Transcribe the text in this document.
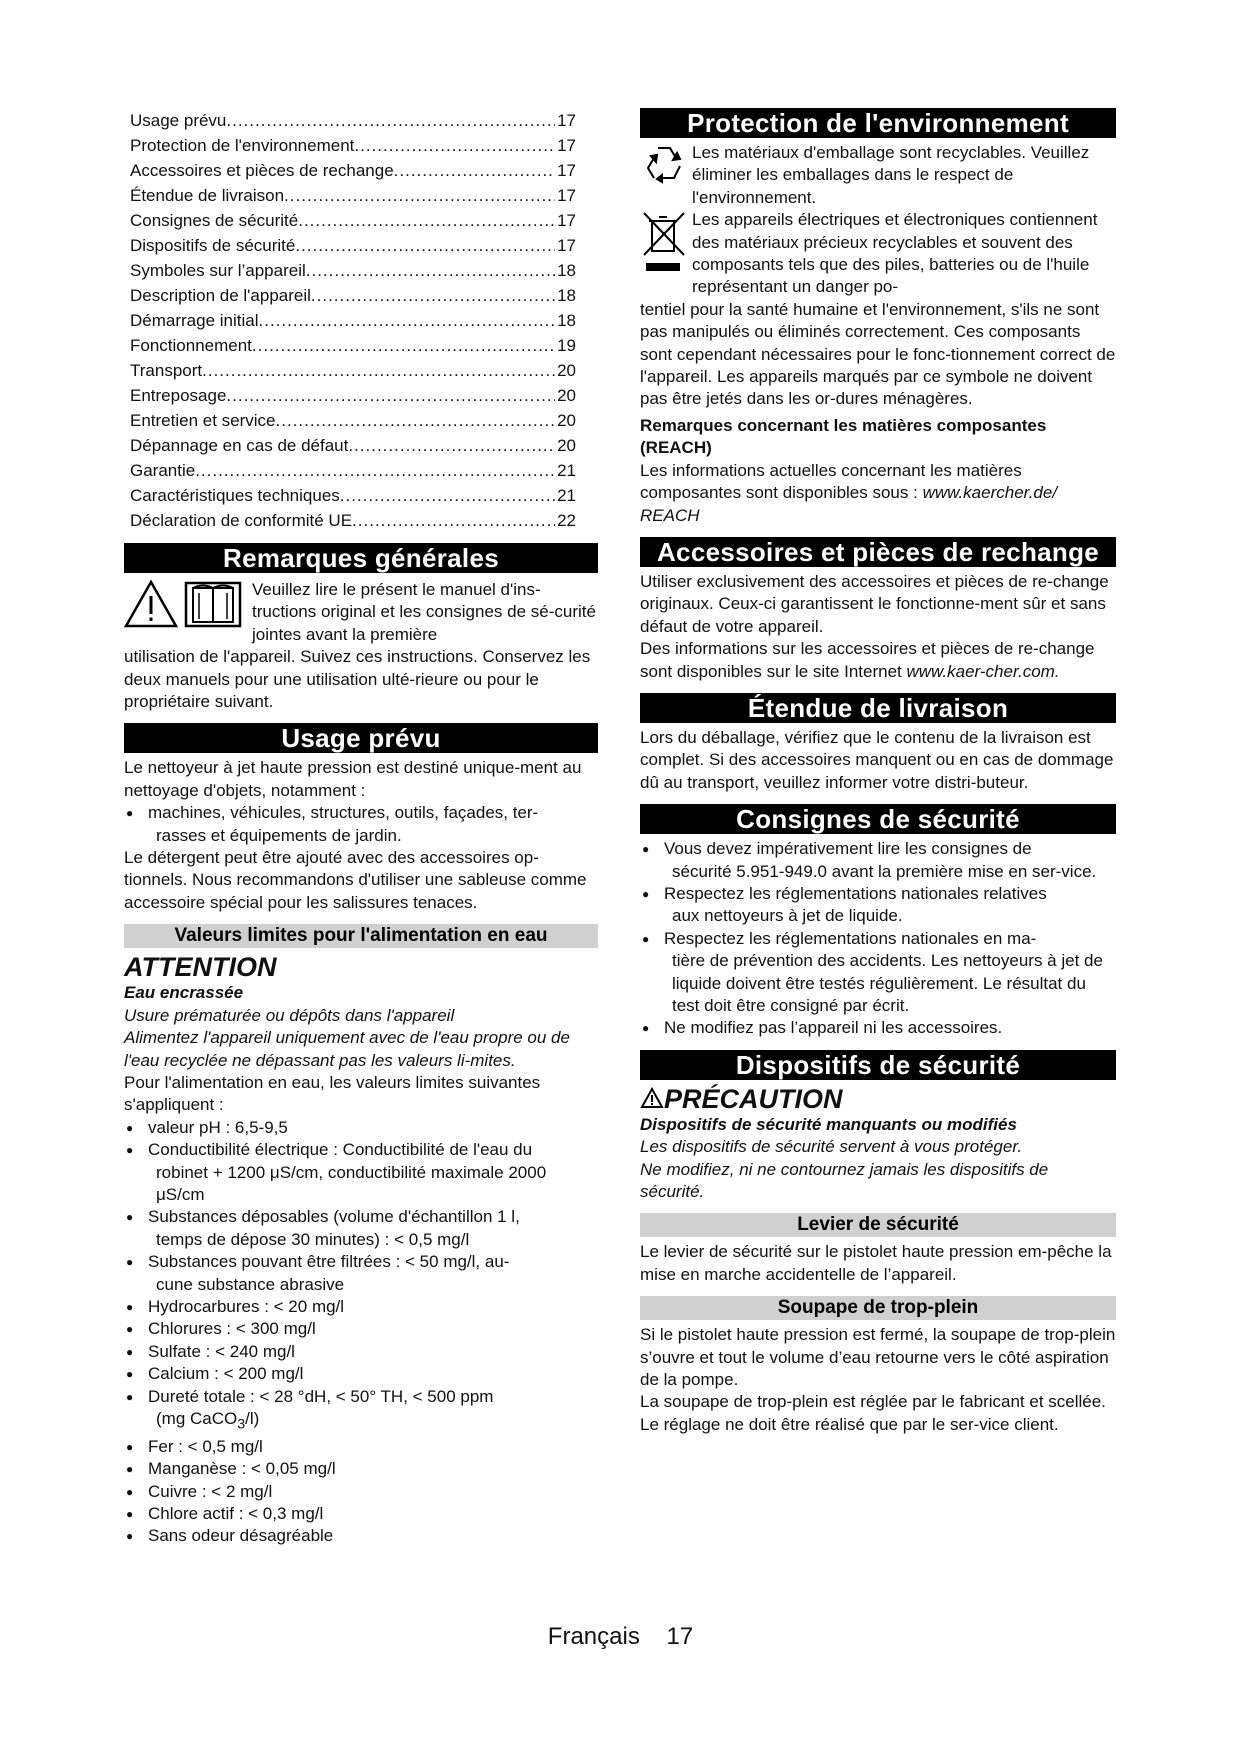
Usage prévu .....	17
Protection de l'environnement .....	17
Accessoires et pièces de rechange .....	17
Étendue de livraison .....	17
Consignes de sécurité .....	17
Dispositifs de sécurité .....	17
Symboles sur l’appareil .....	18
Description de l'appareil .....	18
Démarrage initial .....	18
Fonctionnement .....	19
Transport .....	20
Entreposage .....	20
Entretien et service .....	20
Dépannage en cas de défaut .....	20
Garantie .....	21
Caractéristiques techniques .....	21
Déclaration de conformité UE .....	22
Remarques générales

Veuillez lire le présent le manuel d'ins-tructions original et les consignes de sé-curité jointes avant la première

utilisation de l'appareil. Suivez ces instructions. Conservez les deux manuels pour une utilisation ulté-rieure ou pour le propriétaire suivant.

Usage prévu

Le nettoyeur à jet haute pression est destiné unique-ment au nettoyage d'objets, notamment :

● machines, véhicules, structures, outils, façades, ter-
rasses et équipements de jardin.

Le détergent peut être ajouté avec des accessoires op-tionnels. Nous recommandons d'utiliser une sableuse comme accessoire spécial pour les salissures tenaces.

Valeurs limites pour l'alimentation en eau
ATTENTION

Eau encrassée

Usure prématurée ou dépôts dans l'appareil

Alimentez l'appareil uniquement avec de l'eau propre ou de l'eau recyclée ne dépassant pas les valeurs li-mites.

Pour l'alimentation en eau, les valeurs limites suivantes s'appliquent :

● valeur pH : 6,5-9,5
● Conductibilité électrique : Conductibilité de l'eau du
robinet + 1200 μS/cm, conductibilité maximale 2000 μS/cm
● Substances déposables (volume d'échantillon 1 l,
temps de dépose 30 minutes) : < 0,5 mg/l
● Substances pouvant être filtrées : < 50 mg/l, au-
cune substance abrasive
● Hydrocarbures : < 20 mg/l
● Chlorures : < 300 mg/l
● Sulfate : < 240 mg/l
● Calcium : < 200 mg/l
● Dureté totale : < 28 °dH, < 50° TH, < 500 ppm
(mg CaCO$_3$/l)
● Fer : < 0,5 mg/l
● Manganèse : < 0,05 mg/l
● Cuivre : < 2 mg/l
● Chlore actif : < 0,3 mg/l
● Sans odeur désagréable
Protection de l'environnement

Les matériaux d'emballage sont recyclables. Veuillez éliminer les emballages dans le respect de l'environnement.

Les appareils électriques et électroniques contiennent des matériaux précieux recyclables et souvent des composants tels que des piles, batteries ou de l'huile représentant un danger po-

tentiel pour la santé humaine et l'environnement, s'ils ne sont pas manipulés ou éliminés correctement. Ces composants sont cependant nécessaires pour le fonc-tionnement correct de l'appareil. Les appareils marqués par ce symbole ne doivent pas être jetés dans les or-dures ménagères.

Remarques concernant les matières composantes (REACH)

Les informations actuelles concernant les matières composantes sont disponibles sous : www.kaercher.de/ REACH

Accessoires et pièces de rechange

Utiliser exclusivement des accessoires et pièces de re-change originaux. Ceux-ci garantissent le fonctionne-ment sûr et sans défaut de votre appareil.

Des informations sur les accessoires et pièces de re-change sont disponibles sur le site Internet www.kaer-cher.com.

Étendue de livraison

Lors du déballage, vérifiez que le contenu de la livraison est complet. Si des accessoires manquent ou en cas de dommage dû au transport, veuillez informer votre distri-buteur.

Consignes de sécurité
● Vous devez impérativement lire les consignes de
sécurité 5.951-949.0 avant la première mise en ser-vice.
● Respectez les réglementations nationales relatives
aux nettoyeurs à jet de liquide.
● Respectez les réglementations nationales en ma-
tière de prévention des accidents. Les nettoyeurs à jet de liquide doivent être testés régulièrement. Le résultat du test doit être consigné par écrit.
● Ne modifiez pas l’appareil ni les accessoires.
Dispositifs de sécurité
PRÉCAUTION

Dispositifs de sécurité manquants ou modifiés

Les dispositifs de sécurité servent à vous protéger.

Ne modifiez, ni ne contournez jamais les dispositifs de sécurité.

Levier de sécurité

Le levier de sécurité sur le pistolet haute pression em-pêche la mise en marche accidentelle de l’appareil.

Soupape de trop-plein

Si le pistolet haute pression est fermé, la soupape de trop-plein s’ouvre et tout le volume d’eau retourne vers le côté aspiration de la pompe.

La soupape de trop-plein est réglée par le fabricant et scellée. Le réglage ne doit être réalisé que par le ser-vice client.

Français 17
